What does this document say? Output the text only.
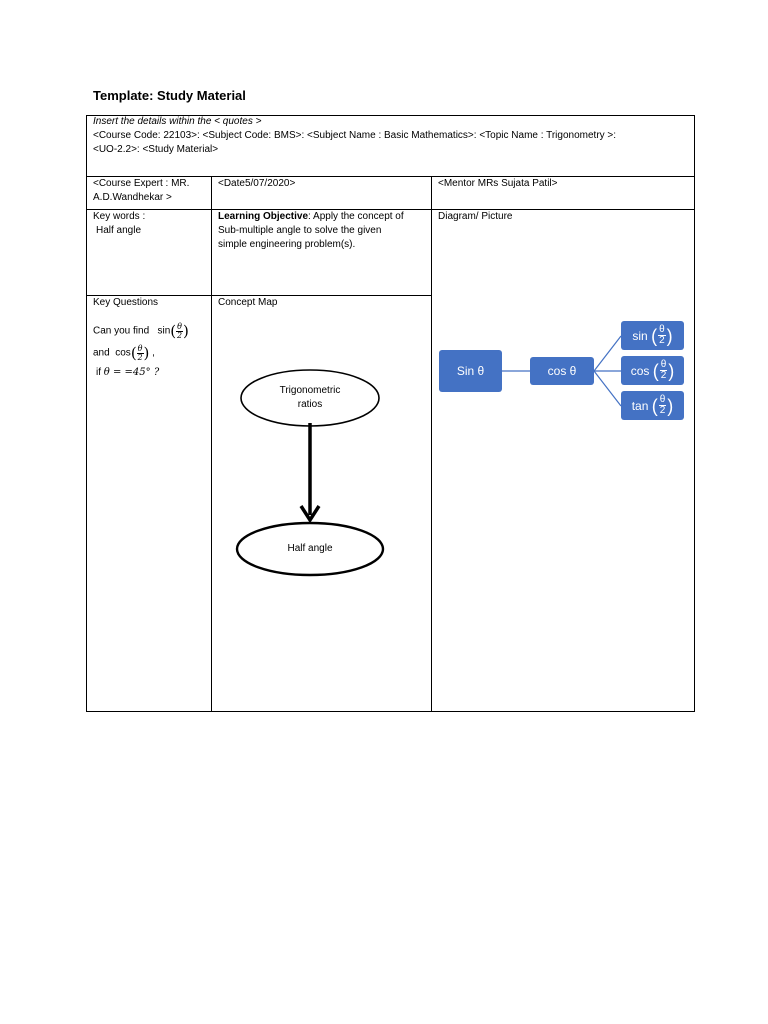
Template: Study Material
Insert the details within the < quotes >
<Course Code: 22103>: <Subject Code: BMS>: <Subject Name : Basic Mathematics>: <Topic Name : Trigonometry >:
<UO-2.2>: <Study Material>
<Course Expert : MR.
A.D.Wandhekar >
<Date5/07/2020>	<Mentor MRs Sujata Patil>
Key words :
Half angle
Learning Objective: Apply the concept of
Sub-multiple angle to solve the given
simple engineering problem(s).
Diagram/ Picture
Key Questions
Can you find $\sin( \frac{\theta}{2}$ )
and $\cos( \frac{\theta}{2}$ ) ,
if θ = =45° ?
Concept Map
Trigonometric
ratios
Half angle
Sin θ	cos θ
sin
( θ
2 )
cos
( θ
2 )
tan
( θ
2 )
